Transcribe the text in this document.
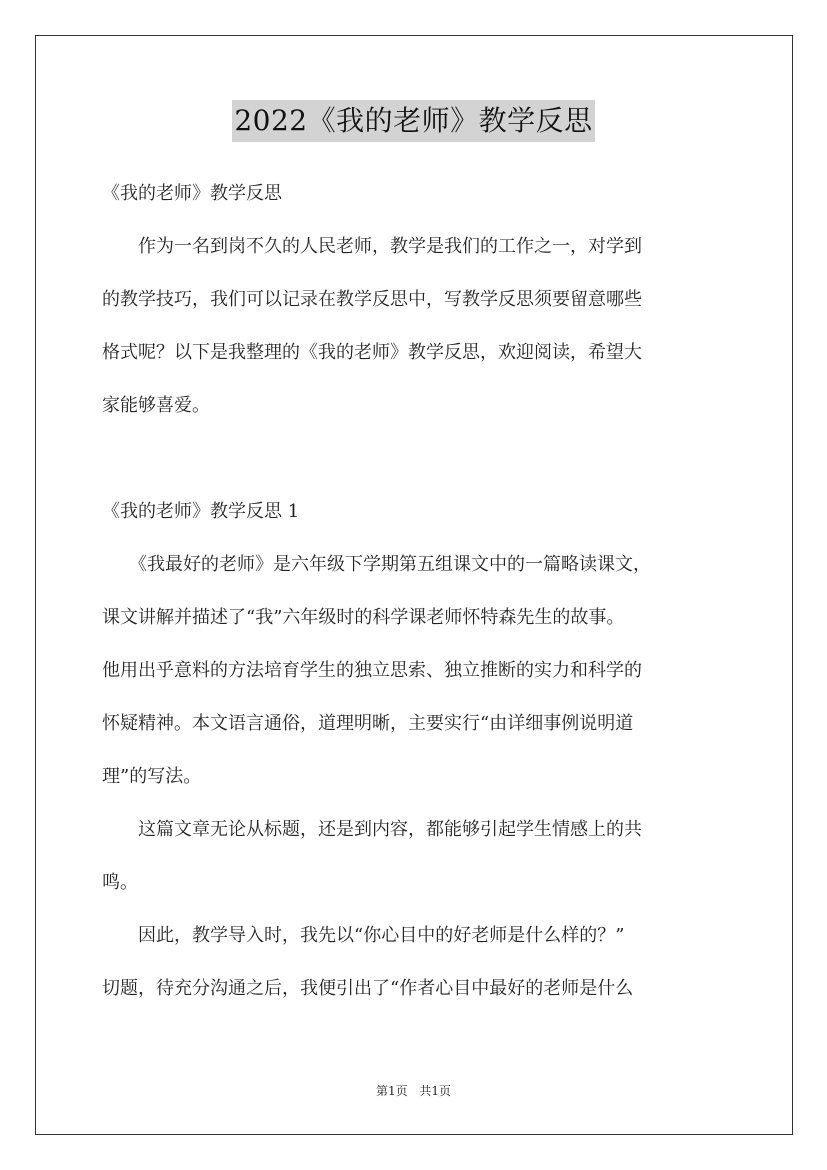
2022《我的老师》教学反思
《我的老师》教学反思
　　作为一名到岗不久的人民老师，教学是我们的工作之一，对学到
的教学技巧，我们可以记录在教学反思中，写教学反思须要留意哪些
格式呢？以下是我整理的《我的老师》教学反思，欢迎阅读，希望大
家能够喜爱。
《我的老师》教学反思 1
　　《我最好的老师》是六年级下学期第五组课文中的一篇略读课文，
课文讲解并描述了“我”六年级时的科学课老师怀特森先生的故事。
他用出乎意料的方法培育学生的独立思索、独立推断的实力和科学的
怀疑精神。本文语言通俗，道理明晰，主要实行“由详细事例说明道
理”的写法。
　　这篇文章无论从标题，还是到内容，都能够引起学生情感上的共
鸣。
　　因此，教学导入时，我先以“你心目中的好老师是什么样的？”
切题，待充分沟通之后，我便引出了“作者心目中最好的老师是什么
第1页 共1页
